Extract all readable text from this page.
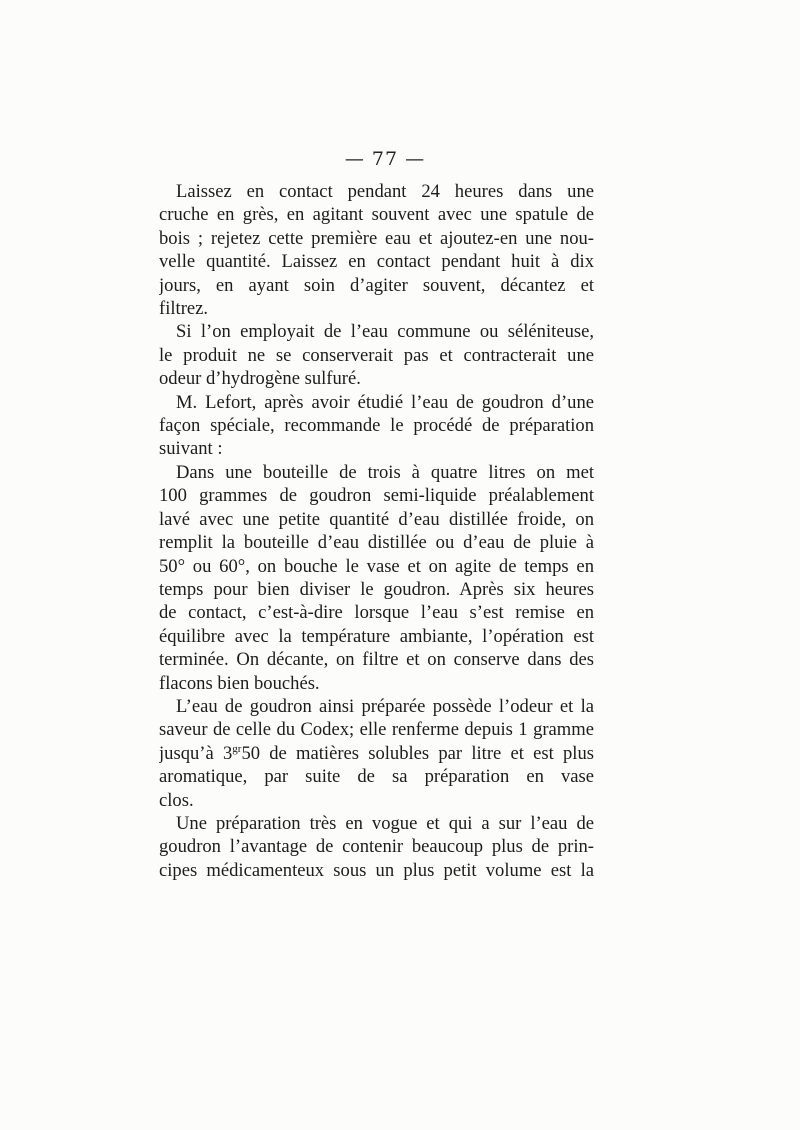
— 77 —
Laissez en contact pendant 24 heures dans une
cruche en grès, en agitant souvent avec une spatule de
bois ; rejetez cette première eau et ajoutez-en une nou-
velle quantité. Laissez en contact pendant huit à dix
jours, en ayant soin d’agiter souvent, décantez et
filtrez.
Si l’on employait de l’eau commune ou séléniteuse,
le produit ne se conserverait pas et contracterait une
odeur d’hydrogène sulfuré.
M. Lefort, après avoir étudié l’eau de goudron d’une
façon spéciale, recommande le procédé de préparation
suivant :
Dans une bouteille de trois à quatre litres on met
100 grammes de goudron semi-liquide préalablement
lavé avec une petite quantité d’eau distillée froide, on
remplit la bouteille d’eau distillée ou d’eau de pluie à
50° ou 60°, on bouche le vase et on agite de temps en
temps pour bien diviser le goudron. Après six heures
de contact, c’est-à-dire lorsque l’eau s’est remise en
équilibre avec la température ambiante, l’opération est
terminée. On décante, on filtre et on conserve dans des
flacons bien bouchés.
L’eau de goudron ainsi préparée possède l’odeur et la
saveur de celle du Codex; elle renferme depuis 1 gramme
jusqu’à $3^{gr}50$ de matières solubles par litre et est plus
aromatique, par suite de sa préparation en vase
clos.
Une préparation très en vogue et qui a sur l’eau de
goudron l’avantage de contenir beaucoup plus de prin-
cipes médicamenteux sous un plus petit volume est la
